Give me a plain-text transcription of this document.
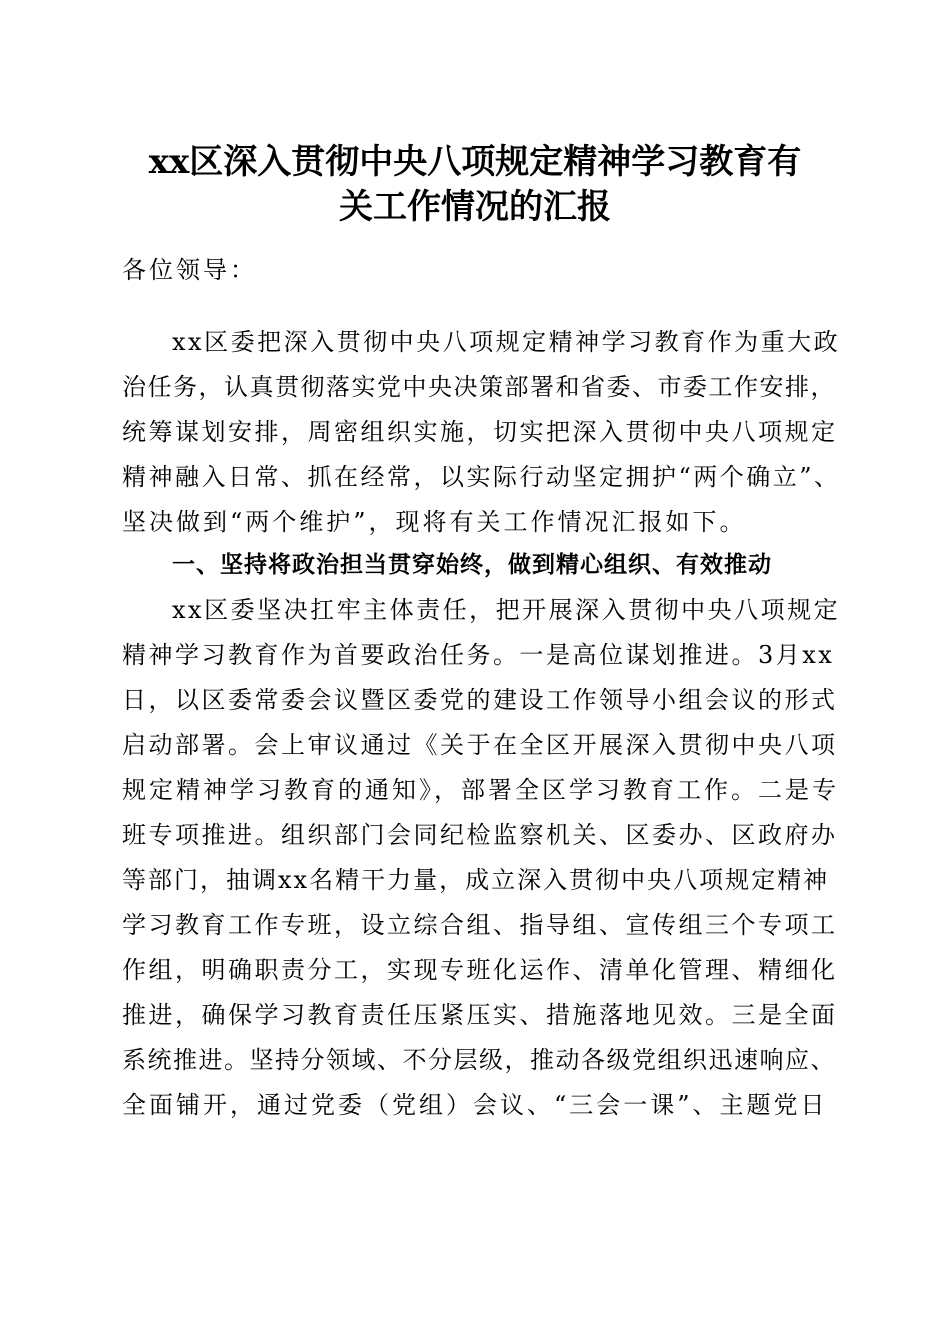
xx区深入贯彻中央八项规定精神学习教育有
关工作情况的汇报
各位领导：
xx区委把深入贯彻中央八项规定精神学习教育作为重大政
治任务，认真贯彻落实党中央决策部署和省委、市委工作安排，
统筹谋划安排，周密组织实施，切实把深入贯彻中央八项规定
精神融入日常、抓在经常，以实际行动坚定拥护“两个确立”、
坚决做到“两个维护”，现将有关工作情况汇报如下。
一、坚持将政治担当贯穿始终，做到精心组织、有效推动
xx区委坚决扛牢主体责任，把开展深入贯彻中央八项规定
精神学习教育作为首要政治任务。一是高位谋划推进。3月xx
日，以区委常委会议暨区委党的建设工作领导小组会议的形式
启动部署。会上审议通过《关于在全区开展深入贯彻中央八项
规定精神学习教育的通知》，部署全区学习教育工作。二是专
班专项推进。组织部门会同纪检监察机关、区委办、区政府办
等部门，抽调xx名精干力量，成立深入贯彻中央八项规定精神
学习教育工作专班，设立综合组、指导组、宣传组三个专项工
作组，明确职责分工，实现专班化运作、清单化管理、精细化
推进，确保学习教育责任压紧压实、措施落地见效。三是全面
系统推进。坚持分领域、不分层级，推动各级党组织迅速响应、
全面铺开，通过党委（党组）会议、“三会一课”、主题党日
